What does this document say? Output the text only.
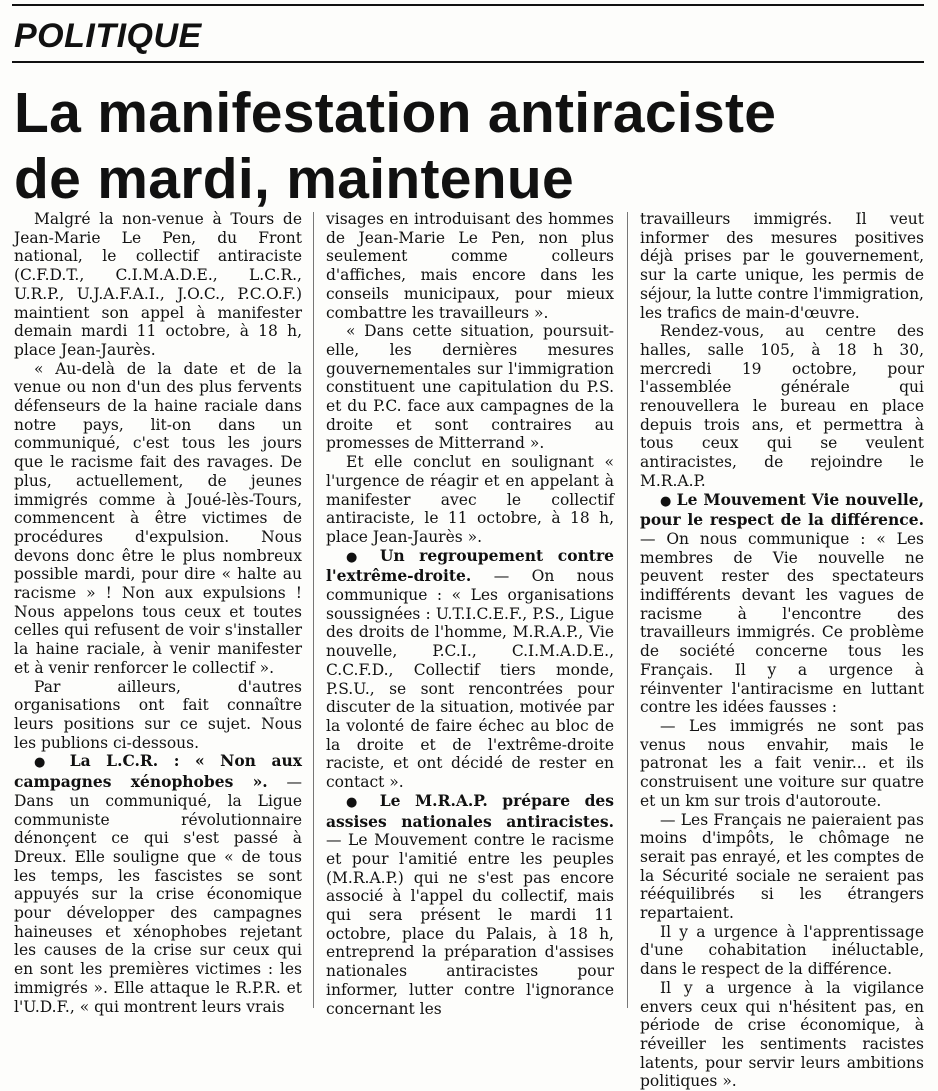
POLITIQUE
La manifestation antiraciste
de mardi, maintenue

Malgré la non-venue à Tours de Jean-Marie Le Pen, du Front national, le collectif antiraciste (C.F.D.T., C.I.M.A.D.E., L.C.R., U.R.P., U.J.A.F.A.I., J.O.C., P.C.O.F.) maintient son appel à manifester demain mardi 11 octobre, à 18 h, place Jean-Jaurès.

« Au-delà de la date et de la venue ou non d'un des plus fervents défenseurs de la haine raciale dans notre pays, lit-on dans un communiqué, c'est tous les jours que le racisme fait des ravages. De plus, actuellement, de jeunes immigrés comme à Joué-lès-Tours, commencent à être victimes de procédures d'expulsion. Nous devons donc être le plus nombreux possible mardi, pour dire « halte au racisme » ! Non aux expulsions ! Nous appelons tous ceux et toutes celles qui refusent de voir s'installer la haine raciale, à venir manifester et à venir renforcer le collectif ».

Par ailleurs, d'autres organisations ont fait connaître leurs positions sur ce sujet. Nous les publions ci-dessous.

● La L.C.R. : « Non aux campagnes xénophobes ». — Dans un communiqué, la Ligue communiste révolutionnaire dénonçent ce qui s'est passé à Dreux. Elle souligne que « de tous les temps, les fascistes se sont appuyés sur la crise économique pour développer des campagnes haineuses et xénophobes rejetant les causes de la crise sur ceux qui en sont les premières victimes : les immigrés ». Elle attaque le R.P.R. et l'U.D.F., « qui montrent leurs vrais

visages en introduisant des hommes de Jean-Marie Le Pen, non plus seulement comme colleurs d'affiches, mais encore dans les conseils municipaux, pour mieux combattre les travailleurs ».

« Dans cette situation, poursuit-elle, les dernières mesures gouvernementales sur l'immigration constituent une capitulation du P.S. et du P.C. face aux campagnes de la droite et sont contraires au promesses de Mitterrand ».

Et elle conclut en soulignant « l'urgence de réagir et en appelant à manifester avec le collectif antiraciste, le 11 octobre, à 18 h, place Jean-Jaurès ».

● Un regroupement contre l'extrême-droite. — On nous communique : « Les organisations soussignées : U.T.I.C.E.F., P.S., Ligue des droits de l'homme, M.R.A.P., Vie nouvelle, P.C.I., C.I.M.A.D.E., C.C.F.D., Collectif tiers monde, P.S.U., se sont rencontrées pour discuter de la situation, motivée par la volonté de faire échec au bloc de la droite et de l'extrême-droite raciste, et ont décidé de rester en contact ».

● Le M.R.A.P. prépare des assises nationales antiracistes. — Le Mouvement contre le racisme et pour l'amitié entre les peuples (M.R.A.P.) qui ne s'est pas encore associé à l'appel du collectif, mais qui sera présent le mardi 11 octobre, place du Palais, à 18 h, entreprend la préparation d'assises nationales antiracistes pour informer, lutter contre l'ignorance concernant les

travailleurs immigrés. Il veut informer des mesures positives déjà prises par le gouvernement, sur la carte unique, les permis de séjour, la lutte contre l'immigration, les trafics de main-d'œuvre.

Rendez-vous, au centre des halles, salle 105, à 18 h 30, mercredi 19 octobre, pour l'assemblée générale qui renouvellera le bureau en place depuis trois ans, et permettra à tous ceux qui se veulent antiracistes, de rejoindre le M.R.A.P.

● Le Mouvement Vie nouvelle, pour le respect de la différence. — On nous communique : « Les membres de Vie nouvelle ne peuvent rester des spectateurs indifférents devant les vagues de racisme à l'encontre des travailleurs immigrés. Ce problème de société concerne tous les Français. Il y a urgence à réinventer l'antiracisme en luttant contre les idées fausses :

— Les immigrés ne sont pas venus nous envahir, mais le patronat les a fait venir... et ils construisent une voiture sur quatre et un km sur trois d'autoroute.

— Les Français ne paieraient pas moins d'impôts, le chômage ne serait pas enrayé, et les comptes de la Sécurité sociale ne seraient pas rééquilibrés si les étrangers repartaient.

Il y a urgence à l'apprentissage d'une cohabitation inéluctable, dans le respect de la différence.

Il y a urgence à la vigilance envers ceux qui n'hésitent pas, en période de crise économique, à réveiller les sentiments racistes latents, pour servir leurs ambitions politiques ».
